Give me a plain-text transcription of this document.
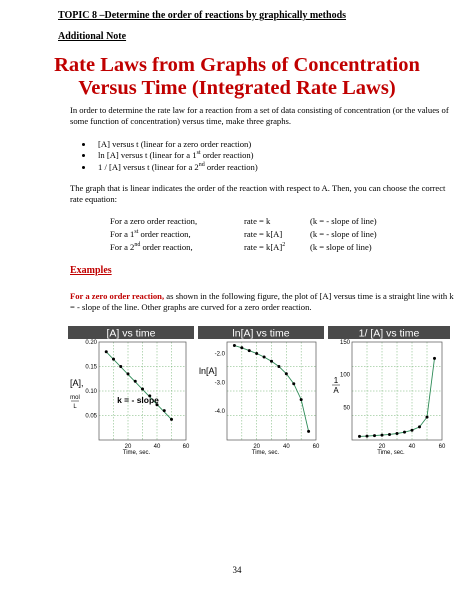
TOPIC 8 –Determine the order of reactions by graphically methods
Additional Note
Rate Laws from Graphs of Concentration
Versus Time (Integrated Rate Laws)
In order to determine the rate law for a reaction from a set of data consisting of concentration (or the values of some function of concentration) versus time, make three graphs.
• [A] versus t (linear for a zero order reaction)
• ln [A] versus t (linear for a 1st order reaction)
• 1 / [A] versus t (linear for a 2nd order reaction)
The graph that is linear indicates the order of the reaction with respect to A. Then, you can choose the correct rate equation:
For a zero order reaction,	rate = k	(k = - slope of line)
For a 1st order reaction,	rate = k[A]	(k = - slope of line)
For a 2nd order reaction,	rate = $k[A]^2$	(k = slope of line)
Examples
For a zero order reaction, as shown in the following figure, the plot of [A] versus time is a straight line with k = - slope of the line. Other graphs are curved for a zero order reaction.
[A] vs time
20	40	60
0.20
0.15
0.10
0.05
Time, sec.
[A],
mol
L
k = - slope
ln[A] vs time
20	40	60
-2.0
-3.0
-4.0
Time, sec.
ln[A]
1/ [A] vs time
20	40	60
150
100
50
Time, sec.
1
A
34
